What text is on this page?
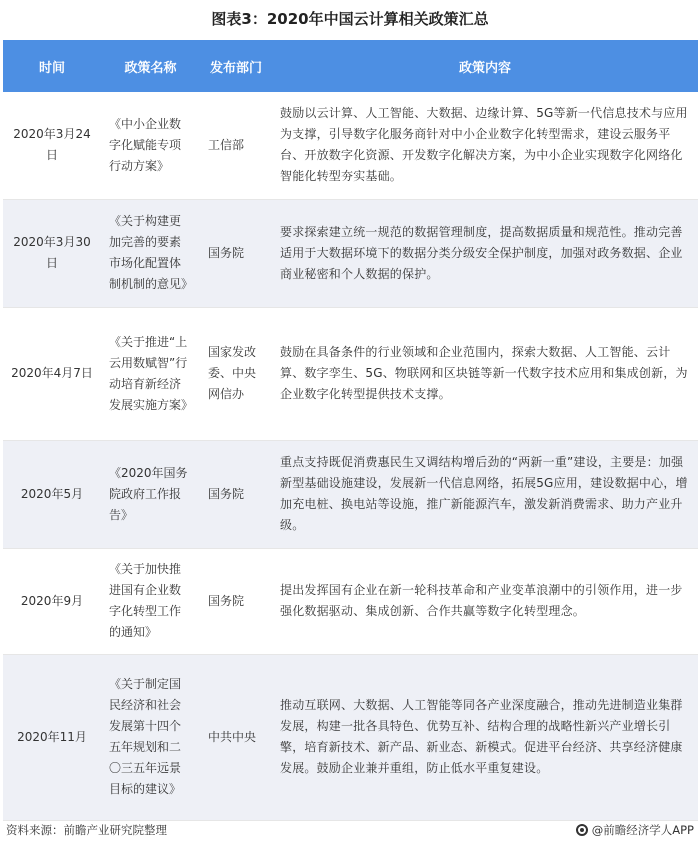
图表3：2020年中国云计算相关政策汇总
时间	政策名称	发布部门	政策内容
2020年3月24日	《中小企业数字化赋能专项行动方案》	工信部	鼓励以云计算、人工智能、大数据、边缘计算、5G等新一代信息技术与应用为支撑，引导数字化服务商针对中小企业数字化转型需求，建设云服务平台、开放数字化资源、开发数字化解决方案，为中小企业实现数字化网络化智能化转型夯实基础。
2020年3月30日	《关于构建更加完善的要素市场化配置体制机制的意见》	国务院	要求探索建立统一规范的数据管理制度，提高数据质量和规范性。推动完善适用于大数据环境下的数据分类分级安全保护制度，加强对政务数据、企业商业秘密和个人数据的保护。
2020年4月7日	《关于推进“上云用数赋智”行动培育新经济发展实施方案》	国家发改委、中央网信办	鼓励在具备条件的行业领域和企业范围内，探索大数据、人工智能、云计算、数字孪生、5G、物联网和区块链等新一代数字技术应用和集成创新，为企业数字化转型提供技术支撑。
2020年5月	《2020年国务院政府工作报告》	国务院	重点支持既促消费惠民生又调结构增后劲的“两新一重”建设，主要是：加强新型基础设施建设，发展新一代信息网络，拓展5G应用，建设数据中心，增加充电桩、换电站等设施，推广新能源汽车，激发新消费需求、助力产业升级。
2020年9月	《关于加快推进国有企业数字化转型工作的通知》	国务院	提出发挥国有企业在新一轮科技革命和产业变革浪潮中的引领作用，进一步强化数据驱动、集成创新、合作共赢等数字化转型理念。
2020年11月	《关于制定国民经济和社会发展第十四个五年规划和二〇三五年远景目标的建议》	中共中央	推动互联网、大数据、人工智能等同各产业深度融合，推动先进制造业集群发展，构建一批各具特色、优势互补、结构合理的战略性新兴产业增长引擎，培育新技术、新产品、新业态、新模式。促进平台经济、共享经济健康发展。鼓励企业兼并重组，防止低水平重复建设。
资料来源：前瞻产业研究院整理	@前瞻经济学人APP
